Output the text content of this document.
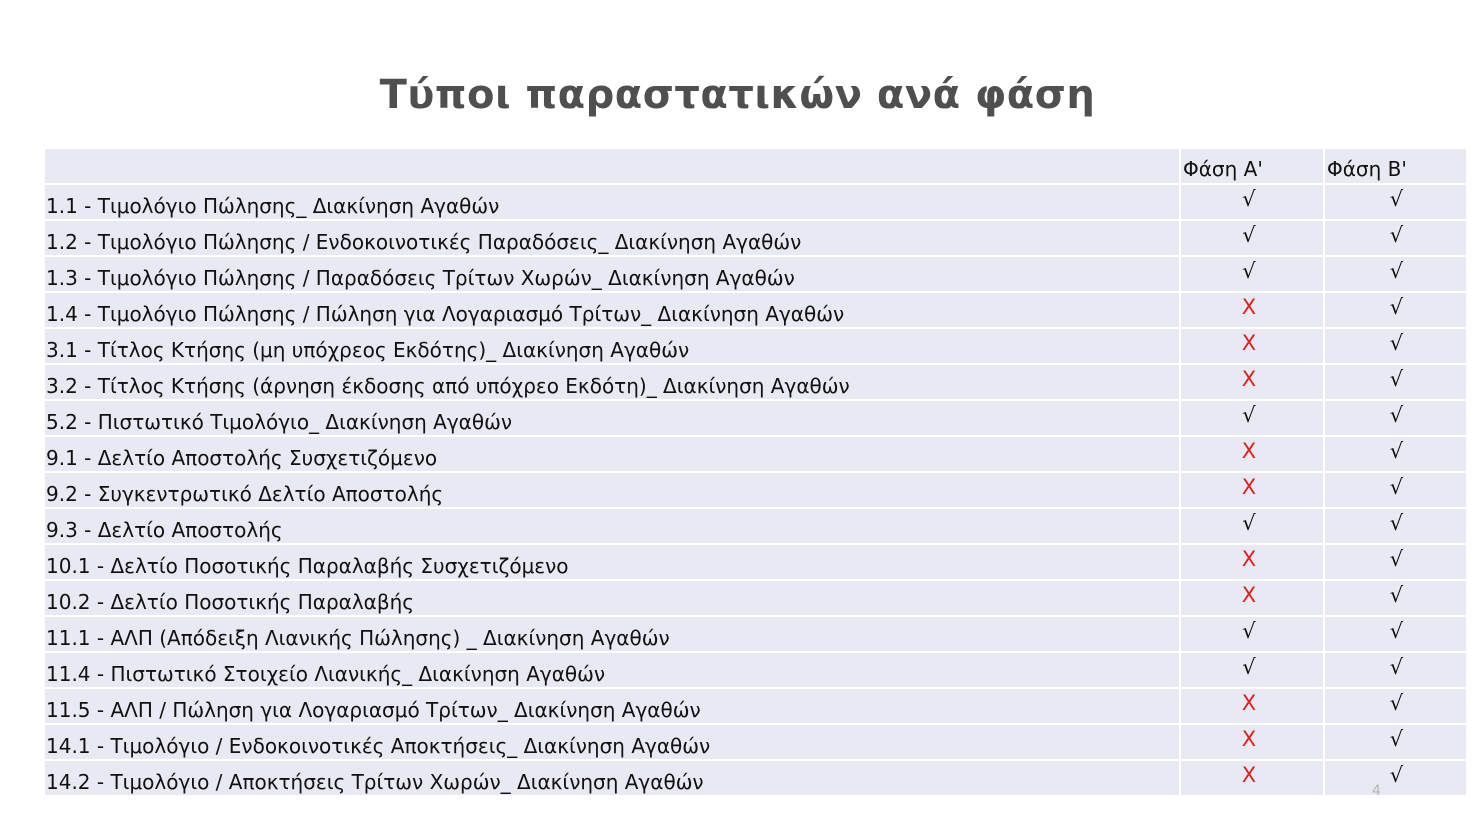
Τύποι παραστατικών ανά φάση
	Φάση Α'	Φάση Β'
1.1 - Τιμολόγιο Πώλησης_ Διακίνηση Αγαθών	√	√
1.2 - Τιμολόγιο Πώλησης / Ενδοκοινοτικές Παραδόσεις_ Διακίνηση Αγαθών	√	√
1.3 - Τιμολόγιο Πώλησης / Παραδόσεις Τρίτων Χωρών_ Διακίνηση Αγαθών	√	√
1.4 - Τιμολόγιο Πώλησης / Πώληση για Λογαριασμό Τρίτων_ Διακίνηση Αγαθών	X	√
3.1 - Τίτλος Κτήσης (μη υπόχρεος Εκδότης)_ Διακίνηση Αγαθών	X	√
3.2 - Τίτλος Κτήσης (άρνηση έκδοσης από υπόχρεο Εκδότη)_ Διακίνηση Αγαθών	X	√
5.2 - Πιστωτικό Τιμολόγιο_ Διακίνηση Αγαθών	√	√
9.1 - Δελτίο Αποστολής Συσχετιζόμενο	X	√
9.2 - Συγκεντρωτικό Δελτίο Αποστολής	X	√
9.3 - Δελτίο Αποστολής	√	√
10.1 - Δελτίο Ποσοτικής Παραλαβής Συσχετιζόμενο	X	√
10.2 - Δελτίο Ποσοτικής Παραλαβής	X	√
11.1 - ΑΛΠ (Απόδειξη Λιανικής Πώλησης) _ Διακίνηση Αγαθών	√	√
11.4 - Πιστωτικό Στοιχείο Λιανικής_ Διακίνηση Αγαθών	√	√
11.5 - ΑΛΠ / Πώληση για Λογαριασμό Τρίτων_ Διακίνηση Αγαθών	X	√
14.1 - Τιμολόγιο / Ενδοκοινοτικές Αποκτήσεις_ Διακίνηση Αγαθών	X	√
14.2 - Τιμολόγιο / Αποκτήσεις Τρίτων Χωρών_ Διακίνηση Αγαθών	X	√
4
